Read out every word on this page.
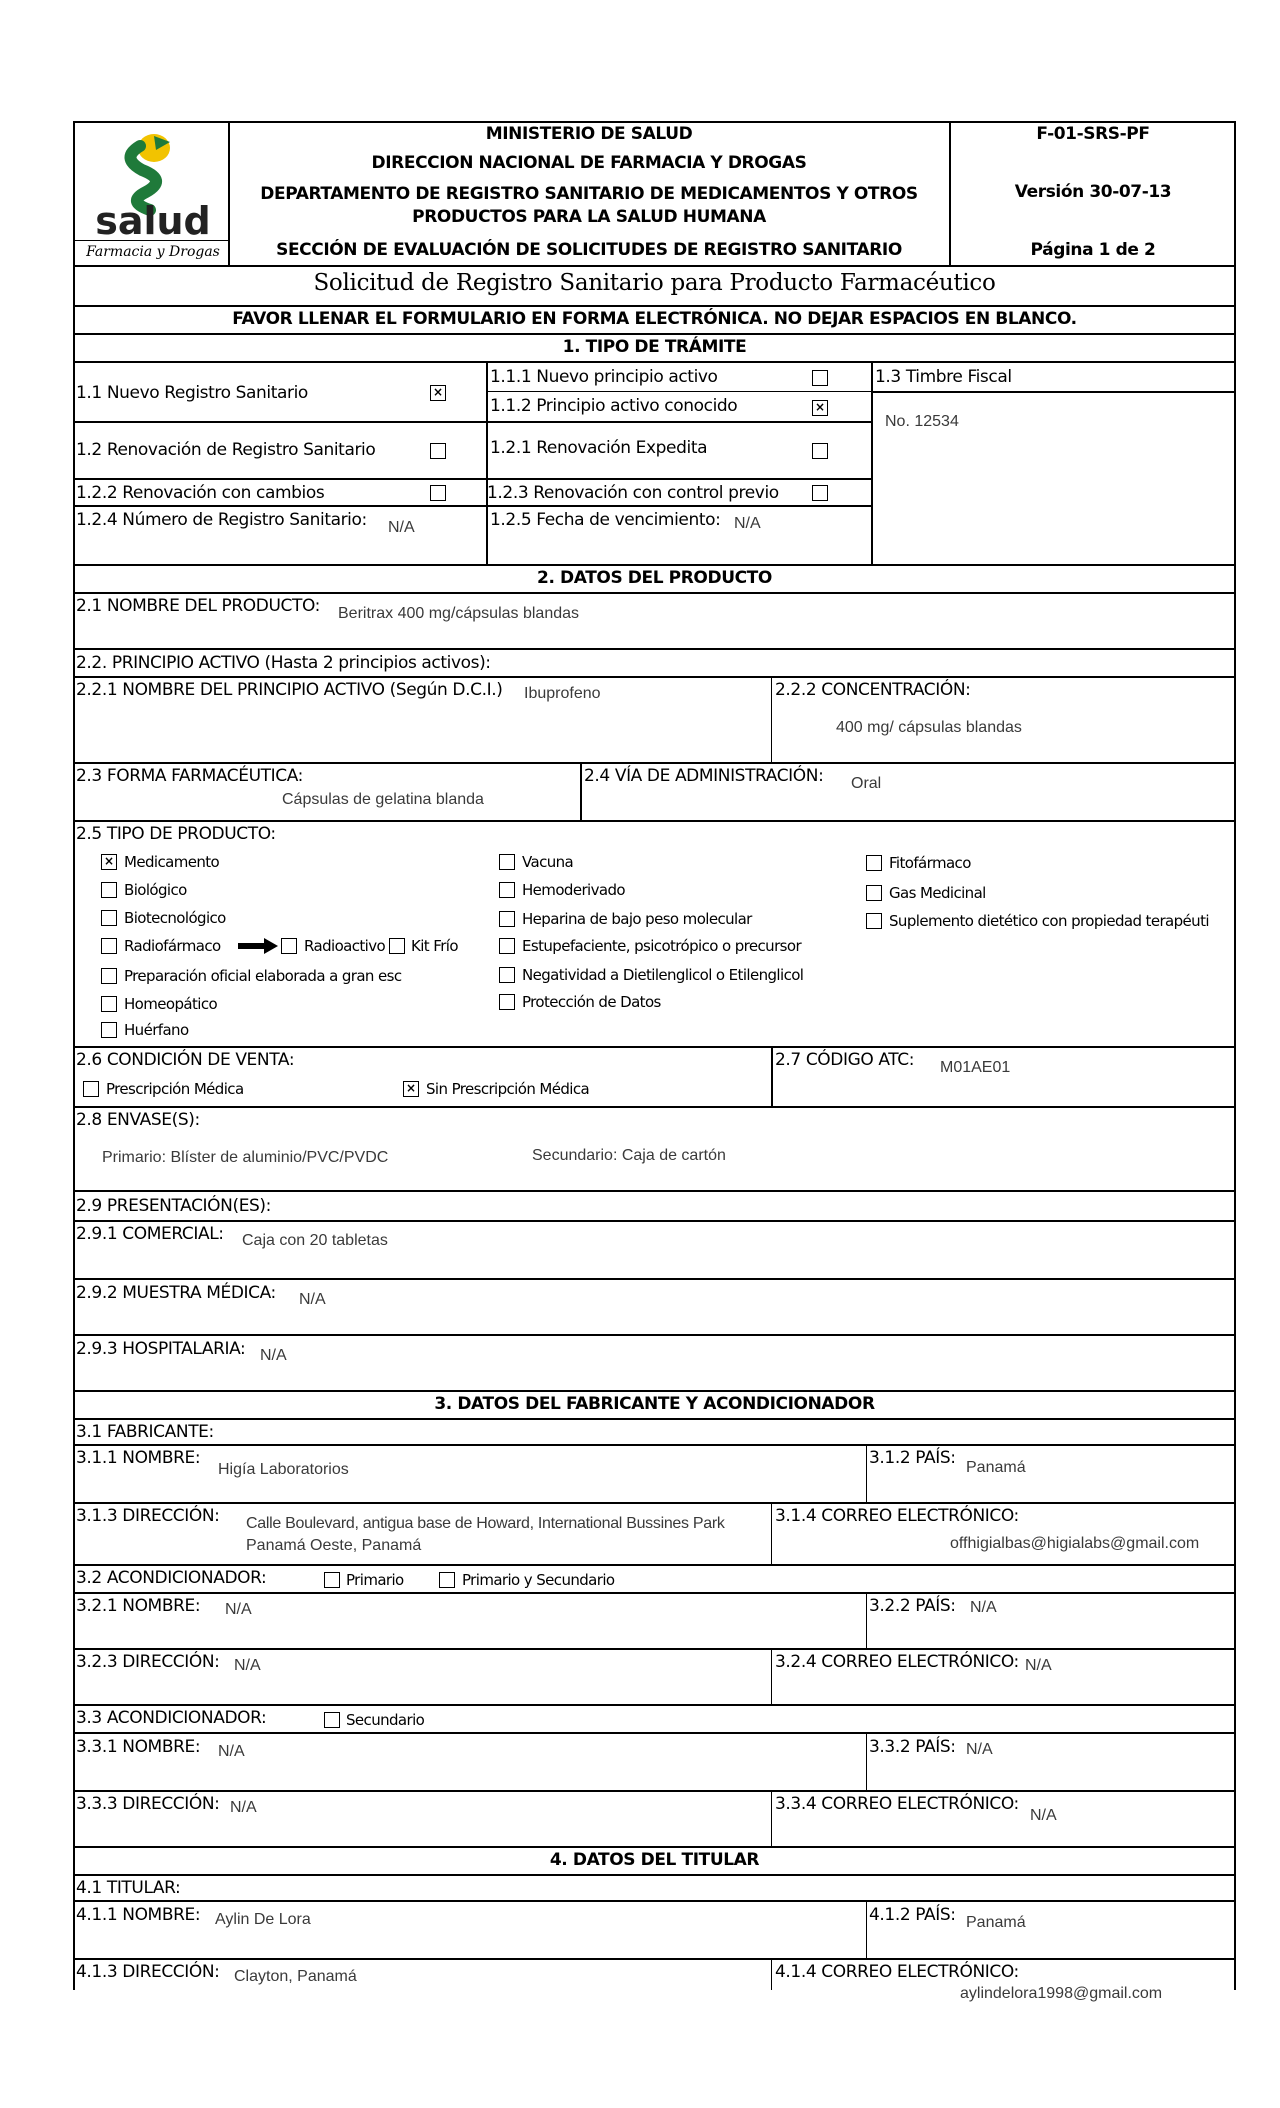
salud
Farmacia y Drogas
MINISTERIO DE SALUD
DIRECCION NACIONAL DE FARMACIA Y DROGAS
DEPARTAMENTO DE REGISTRO SANITARIO DE MEDICAMENTOS Y OTROS
PRODUCTOS PARA LA SALUD HUMANA
SECCIÓN DE EVALUACIÓN DE SOLICITUDES DE REGISTRO SANITARIO
F-01-SRS-PF
Versión 30-07-13
Página 1 de 2
Solicitud de Registro Sanitario para Producto Farmacéutico
FAVOR LLENAR EL FORMULARIO EN FORMA ELECTRÓNICA. NO DEJAR ESPACIOS EN BLANCO.
1. TIPO DE TRÁMITE
1.1 Nuevo Registro Sanitario	×
1.2 Renovación de Registro Sanitario
1.2.2 Renovación con cambios
1.2.4 Número de Registro Sanitario: N/A
1.1.1 Nuevo principio activo
1.1.2 Principio activo conocido	×
1.2.1 Renovación Expedita
1.2.3 Renovación con control previo
1.2.5 Fecha de vencimiento: N/A
1.3 Timbre Fiscal
No. 12534
2. DATOS DEL PRODUCTO
2.1 NOMBRE DEL PRODUCTO: Beritrax 400 mg/cápsulas blandas
2.2. PRINCIPIO ACTIVO (Hasta 2 principios activos):
2.2.1 NOMBRE DEL PRINCIPIO ACTIVO (Según D.C.I.) Ibuprofeno	2.2.2 CONCENTRACIÓN:
400 mg/ cápsulas blandas
2.3 FORMA FARMACÉUTICA:
Cápsulas de gelatina blanda
2.4 VÍA DE ADMINISTRACIÓN: Oral
2.5 TIPO DE PRODUCTO:
× Medicamento
Biológico
Biotecnológico
Radiofármaco	Radioactivo	Kit Frío
Preparación oficial elaborada a gran esc
Homeopático
Huérfano
Vacuna
Hemoderivado
Heparina de bajo peso molecular
Estupefaciente, psicotrópico o precursor
Negatividad a Dietilenglicol o Etilenglicol
Protección de Datos
Fitofármaco
Gas Medicinal
Suplemento dietético con propiedad terapéuti
2.6 CONDICIÓN DE VENTA:
Prescripción Médica	× Sin Prescripción Médica
2.7 CÓDIGO ATC: M01AE01
2.8 ENVASE(S):
Primario: Blíster de aluminio/PVC/PVDC	Secundario: Caja de cartón
2.9 PRESENTACIÓN(ES):
2.9.1 COMERCIAL: Caja con 20 tabletas
2.9.2 MUESTRA MÉDICA: N/A
2.9.3 HOSPITALARIA: N/A
3. DATOS DEL FABRICANTE Y ACONDICIONADOR
3.1 FABRICANTE:
3.1.1 NOMBRE:
Higía Laboratorios
3.1.2 PAÍS: Panamá
3.1.3 DIRECCIÓN: Calle Boulevard, antigua base de Howard, International Bussines Park
Panamá Oeste, Panamá
3.1.4 CORREO ELECTRÓNICO:
offhigialbas@higialabs@gmail.com
3.2 ACONDICIONADOR:	Primario	Primario y Secundario
3.2.1 NOMBRE: N/A	3.2.2 PAÍS: N/A
3.2.3 DIRECCIÓN: N/A	3.2.4 CORREO ELECTRÓNICO: N/A
3.3 ACONDICIONADOR:	Secundario
3.3.1 NOMBRE: N/A	3.3.2 PAÍS: N/A
3.3.3 DIRECCIÓN: N/A	3.3.4 CORREO ELECTRÓNICO:
N/A
4. DATOS DEL TITULAR
4.1 TITULAR:
4.1.1 NOMBRE: Aylin De Lora	4.1.2 PAÍS: Panamá
4.1.3 DIRECCIÓN: Clayton, Panamá	4.1.4 CORREO ELECTRÓNICO:
aylindelora1998@gmail.com
